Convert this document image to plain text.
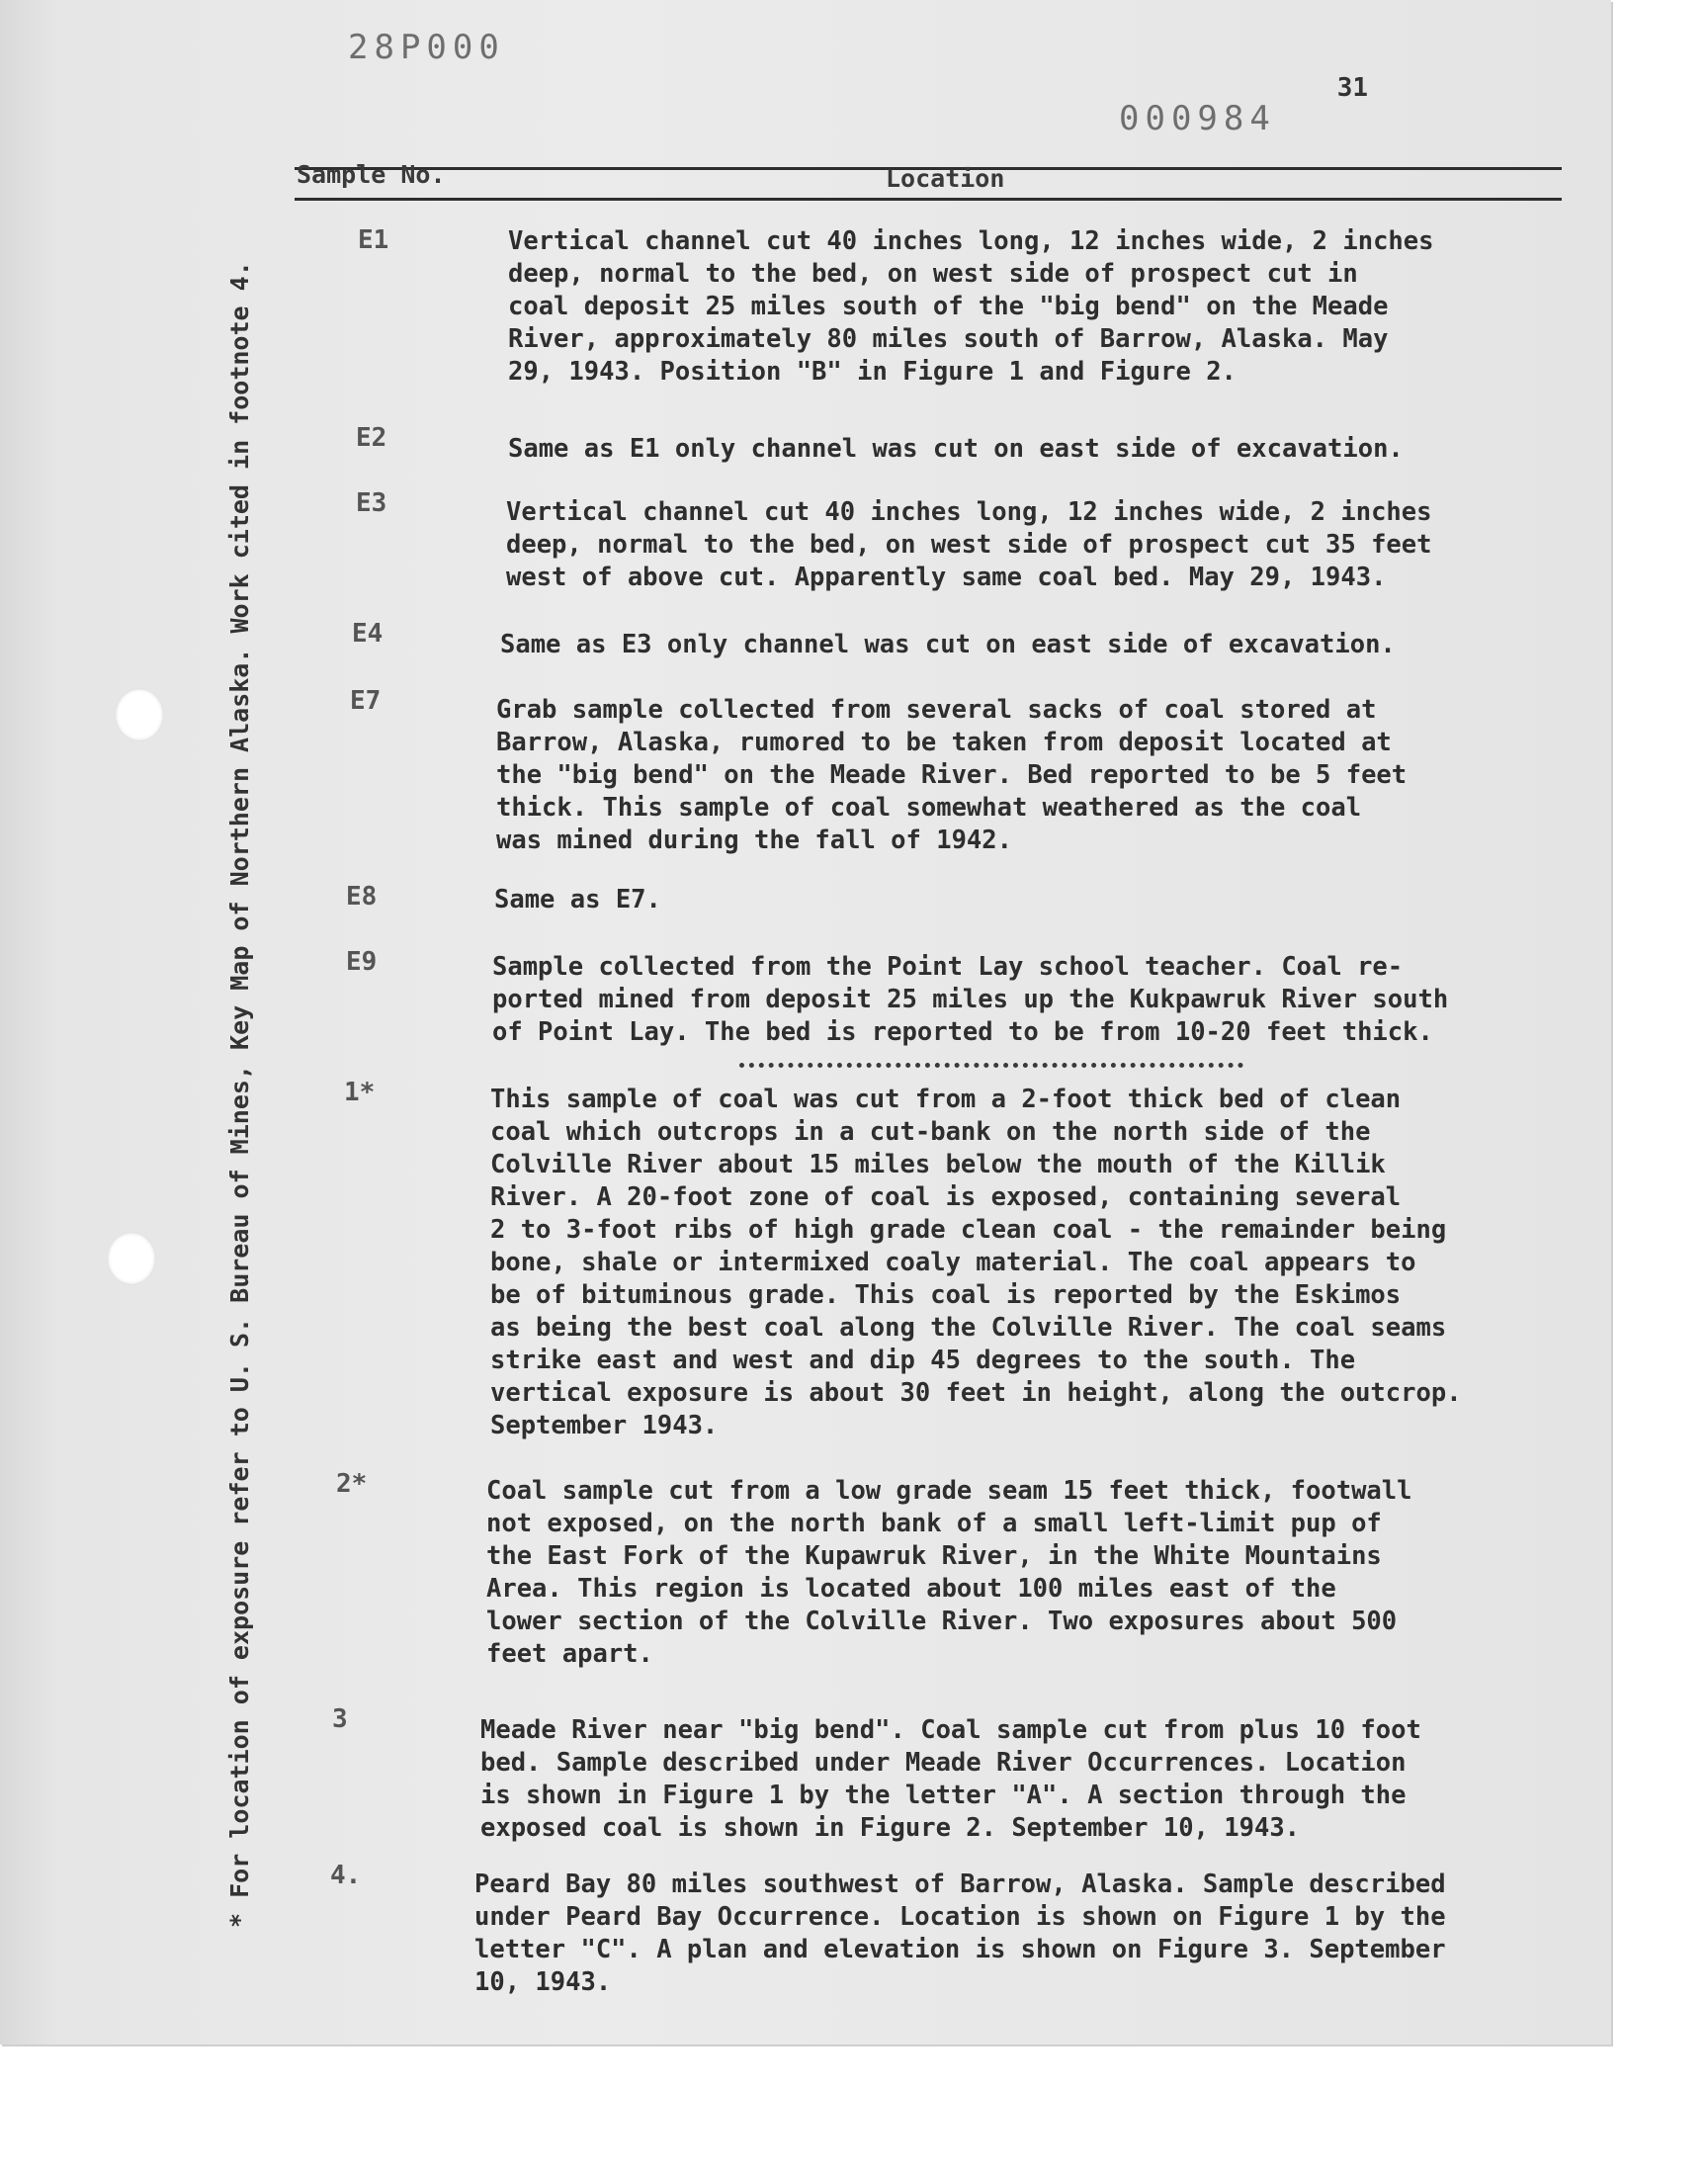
28P000
000984
31
Sample No.	Location
* For location of exposure refer to U. S. Bureau of Mines, Key Map of Northern Alaska. Work cited in footnote 4.
E1	Vertical channel cut 40 inches long, 12 inches wide, 2 inches
deep, normal to the bed, on west side of prospect cut in
coal deposit 25 miles south of the "big bend" on the Meade
River, approximately 80 miles south of Barrow, Alaska. May
29, 1943. Position "B" in Figure 1 and Figure 2.
E2	Same as E1 only channel was cut on east side of excavation.
E3	Vertical channel cut 40 inches long, 12 inches wide, 2 inches
deep, normal to the bed, on west side of prospect cut 35 feet
west of above cut. Apparently same coal bed. May 29, 1943.
E4	Same as E3 only channel was cut on east side of excavation.
E7	Grab sample collected from several sacks of coal stored at
Barrow, Alaska, rumored to be taken from deposit located at
the "big bend" on the Meade River. Bed reported to be 5 feet
thick. This sample of coal somewhat weathered as the coal
was mined during the fall of 1942.
E8	Same as E7.
E9	Sample collected from the Point Lay school teacher. Coal re-
ported mined from deposit 25 miles up the Kukpawruk River south
of Point Lay. The bed is reported to be from 10-20 feet thick.
1*	This sample of coal was cut from a 2-foot thick bed of clean
coal which outcrops in a cut-bank on the north side of the
Colville River about 15 miles below the mouth of the Killik
River. A 20-foot zone of coal is exposed, containing several
2 to 3-foot ribs of high grade clean coal - the remainder being
bone, shale or intermixed coaly material. The coal appears to
be of bituminous grade. This coal is reported by the Eskimos
as being the best coal along the Colville River. The coal seams
strike east and west and dip 45 degrees to the south. The
vertical exposure is about 30 feet in height, along the outcrop.
September 1943.
2*	Coal sample cut from a low grade seam 15 feet thick, footwall
not exposed, on the north bank of a small left-limit pup of
the East Fork of the Kupawruk River, in the White Mountains
Area. This region is located about 100 miles east of the
lower section of the Colville River. Two exposures about 500
feet apart.
3	Meade River near "big bend". Coal sample cut from plus 10 foot
bed. Sample described under Meade River Occurrences. Location
is shown in Figure 1 by the letter "A". A section through the
exposed coal is shown in Figure 2. September 10, 1943.
4.	Peard Bay 80 miles southwest of Barrow, Alaska. Sample described
under Peard Bay Occurrence. Location is shown on Figure 1 by the
letter "C". A plan and elevation is shown on Figure 3. September
10, 1943.
